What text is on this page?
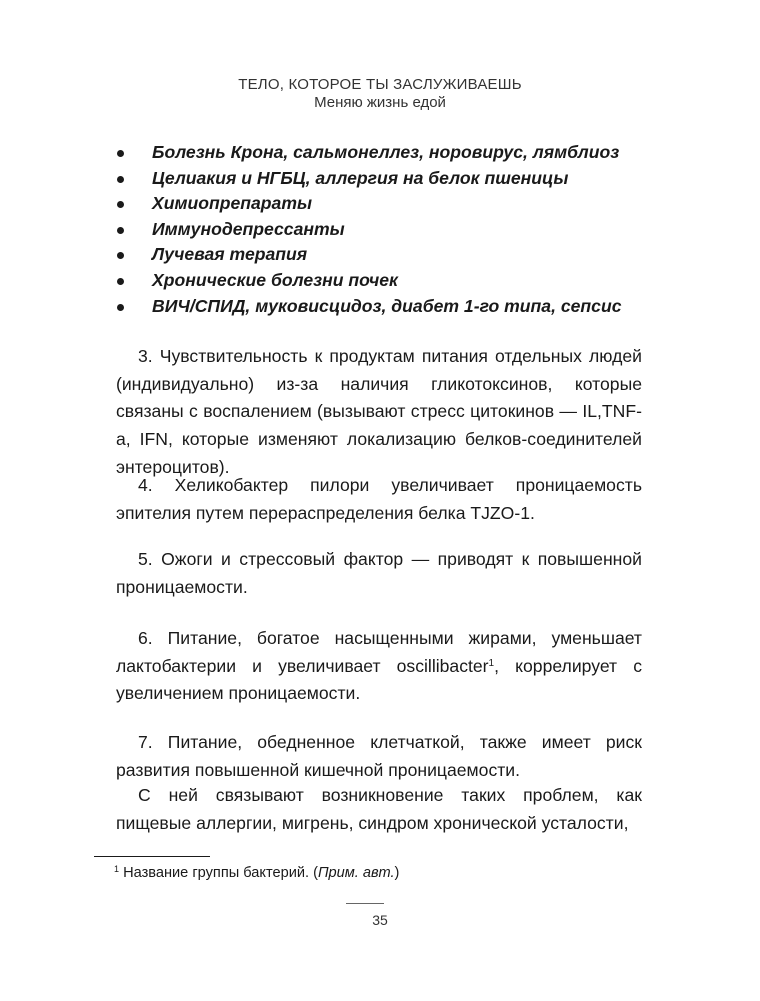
ТЕЛО, КОТОРОЕ ТЫ ЗАСЛУЖИВАЕШЬ
Меняю жизнь едой
Болезнь Крона, сальмонеллез, норовирус, лямблиоз
Целиакия и НГБЦ, аллергия на белок пшеницы
Химиопрепараты
Иммунодепрессанты
Лучевая терапия
Хронические болезни почек
ВИЧ/СПИД, муковисцидоз, диабет 1-го типа, сепсис

3. Чувствительность к продуктам питания отдельных людей (индивидуально) из-за наличия гликотоксинов, которые связаны с воспалением (вызывают стресс цитокинов — IL,TNF-a, IFN, которые изменяют локализацию белков-соединителей энтероцитов).

4. Хеликобактер пилори увеличивает проницаемость эпителия путем перераспределения белка TJZO-1.

5. Ожоги и стрессовый фактор — приводят к повышенной проницаемости.

6. Питание, богатое насыщенными жирами, уменьшает лактобактерии и увеличивает oscillibacter$^1$, коррелирует с увеличением проницаемости.

7. Питание, обедненное клетчаткой, также имеет риск развития повышенной кишечной проницаемости.

С ней связывают возникновение таких проблем, как пищевые аллергии, мигрень, синдром хронической усталости,

$^1$ Название группы бактерий. (Прим. авт.)
35
